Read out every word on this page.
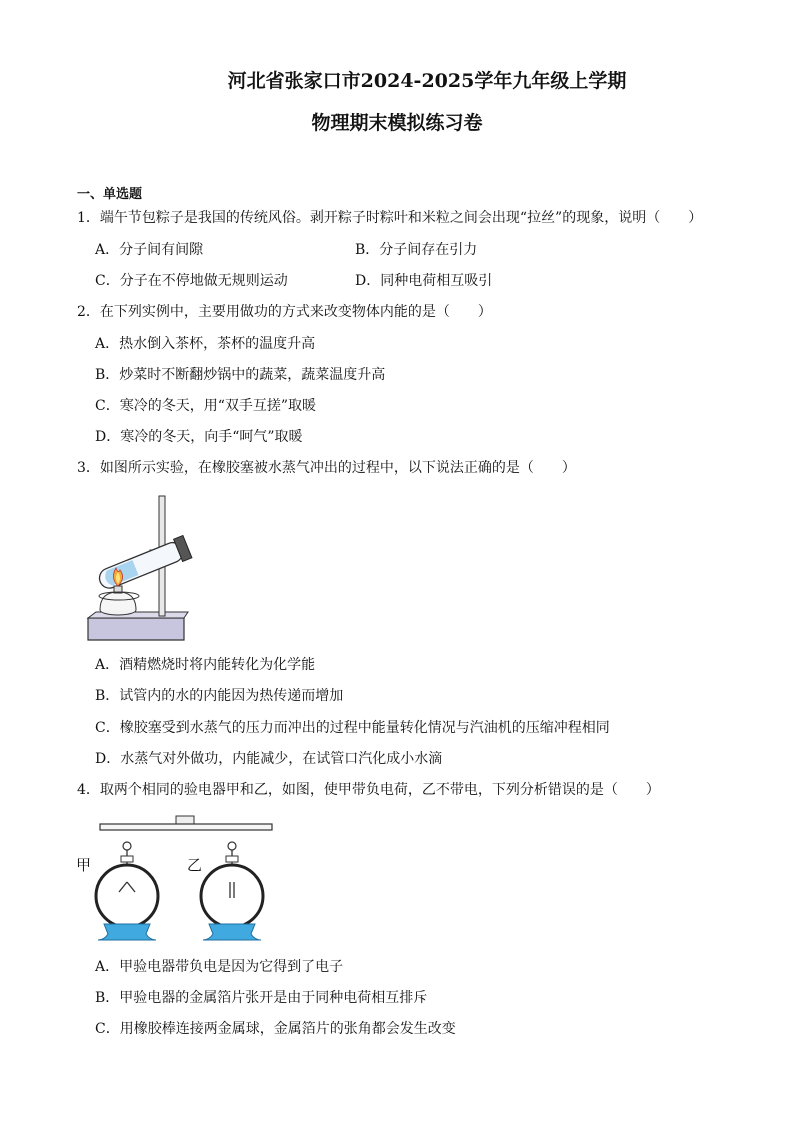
河北省张家口市2024-2025学年九年级上学期
物理期末模拟练习卷
一、单选题
1．端午节包粽子是我国的传统风俗。剥开粽子时粽叶和米粒之间会出现“拉丝”的现象，说明（　　）
A．分子间有间隙	B．分子间存在引力
C．分子在不停地做无规则运动	D．同种电荷相互吸引
2．在下列实例中，主要用做功的方式来改变物体内能的是（　　）
A．热水倒入茶杯，茶杯的温度升高
B．炒菜时不断翻炒锅中的蔬菜，蔬菜温度升高
C．寒冷的冬天，用“双手互搓”取暖
D．寒冷的冬天，向手“呵气”取暖
3．如图所示实验，在橡胶塞被水蒸气冲出的过程中，以下说法正确的是（　　）
A．酒精燃烧时将内能转化为化学能
B．试管内的水的内能因为热传递而增加
C．橡胶塞受到水蒸气的压力而冲出的过程中能量转化情况与汽油机的压缩冲程相同
D．水蒸气对外做功，内能减少，在试管口汽化成小水滴
4．取两个相同的验电器甲和乙，如图，使甲带负电荷，乙不带电，下列分析错误的是（　　）
甲	乙
A．甲验电器带负电是因为它得到了电子
B．甲验电器的金属箔片张开是由于同种电荷相互排斥
C．用橡胶棒连接两金属球，金属箔片的张角都会发生改变
